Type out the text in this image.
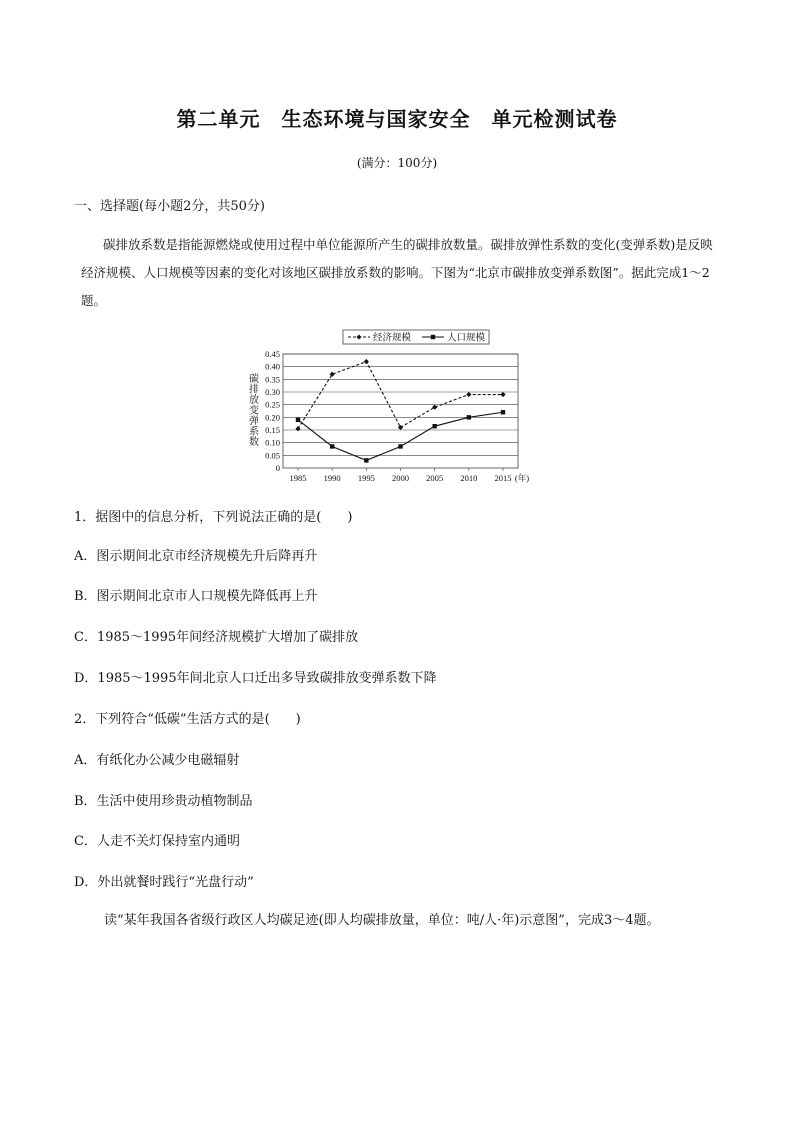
第二单元　生态环境与国家安全　单元检测试卷
(满分：100分)
一、选择题(每小题2分，共50分)
碳排放系数是指能源燃烧或使用过程中单位能源所产生的碳排放数量。碳排放弹性系数的变化(变弹系数)是反映经济规模、人口规模等因素的变化对该地区碳排放系数的影响。下图为“北京市碳排放变弹系数图”。据此完成1～2题。
0
0.05
0.10
0.15
0.20
0.25
0.30
0.35
0.40
0.45
1985 1990 1995 2000 2005 2010 2015 (年)
碳
排
放
变
弹
系
数
经济规模	人口规模
1．据图中的信息分析，下列说法正确的是(　　)
A．图示期间北京市经济规模先升后降再升
B．图示期间北京市人口规模先降低再上升
C．1985～1995年间经济规模扩大增加了碳排放
D．1985～1995年间北京人口迁出多导致碳排放变弹系数下降
2．下列符合“低碳”生活方式的是(　　)
A．有纸化办公减少电磁辐射
B．生活中使用珍贵动植物制品
C．人走不关灯保持室内通明
D．外出就餐时践行“光盘行动”
读“某年我国各省级行政区人均碳足迹(即人均碳排放量，单位：吨/人·年)示意图”，完成3～4题。
